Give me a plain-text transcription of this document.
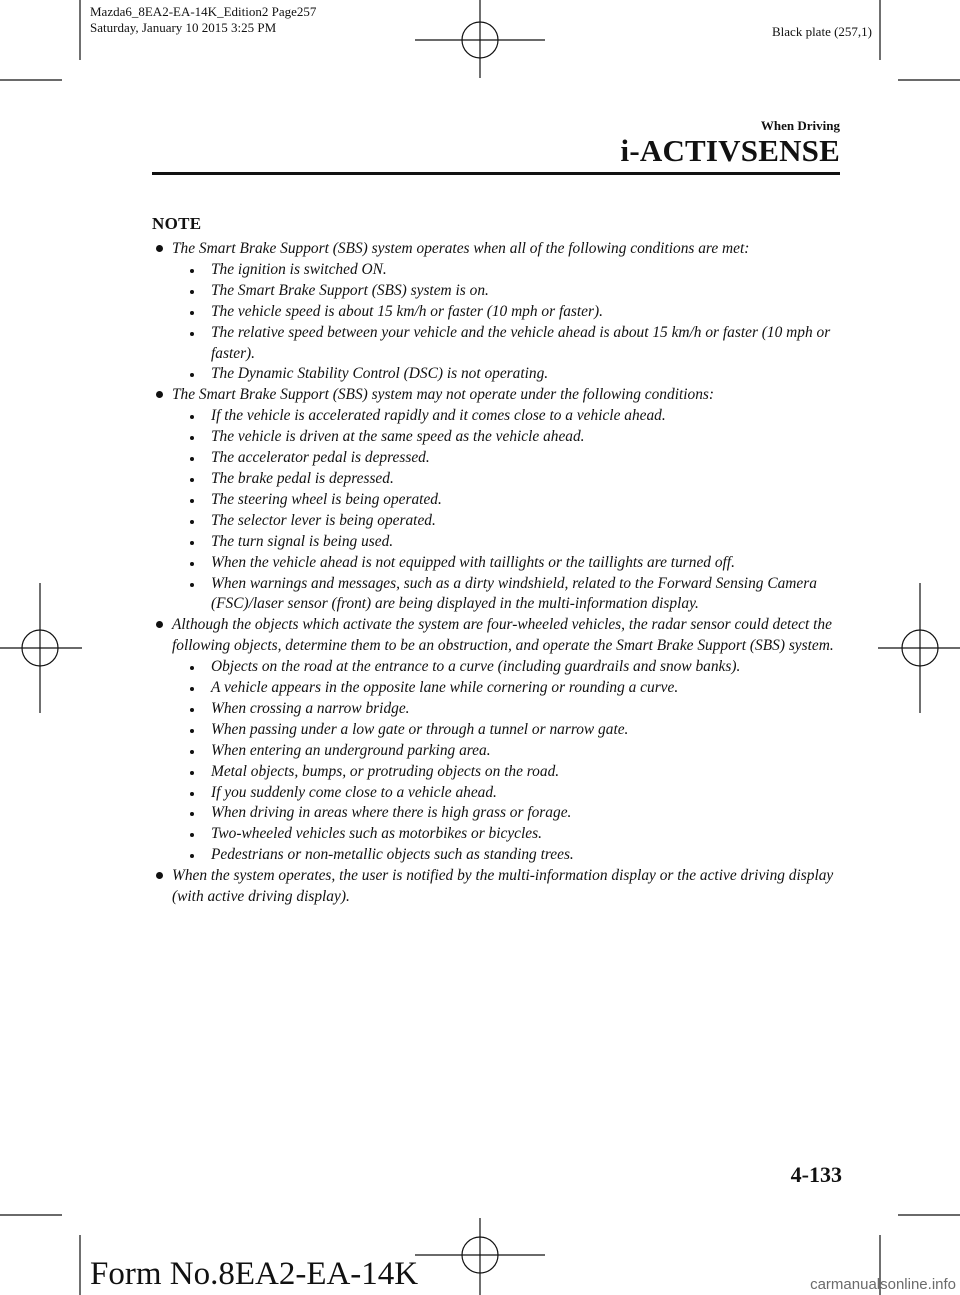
Mazda6_8EA2-EA-14K_Edition2 Page257
Saturday, January 10 2015 3:25 PM	Black plate (257,1)
When Driving
i-ACTIVSENSE
NOTE
The Smart Brake Support (SBS) system operates when all of the following conditions are met:
The ignition is switched ON.
The Smart Brake Support (SBS) system is on.
The vehicle speed is about 15 km/h or faster (10 mph or faster).
The relative speed between your vehicle and the vehicle ahead is about 15 km/h or faster (10 mph or faster).
The Dynamic Stability Control (DSC) is not operating.
The Smart Brake Support (SBS) system may not operate under the following conditions:
If the vehicle is accelerated rapidly and it comes close to a vehicle ahead.
The vehicle is driven at the same speed as the vehicle ahead.
The accelerator pedal is depressed.
The brake pedal is depressed.
The steering wheel is being operated.
The selector lever is being operated.
The turn signal is being used.
When the vehicle ahead is not equipped with taillights or the taillights are turned off.
When warnings and messages, such as a dirty windshield, related to the Forward Sensing Camera (FSC)/laser sensor (front) are being displayed in the multi-information display.
Although the objects which activate the system are four-wheeled vehicles, the radar sensor could detect the following objects, determine them to be an obstruction, and operate the Smart Brake Support (SBS) system.
Objects on the road at the entrance to a curve (including guardrails and snow banks).
A vehicle appears in the opposite lane while cornering or rounding a curve.
When crossing a narrow bridge.
When passing under a low gate or through a tunnel or narrow gate.
When entering an underground parking area.
Metal objects, bumps, or protruding objects on the road.
If you suddenly come close to a vehicle ahead.
When driving in areas where there is high grass or forage.
Two-wheeled vehicles such as motorbikes or bicycles.
Pedestrians or non-metallic objects such as standing trees.
When the system operates, the user is notified by the multi-information display or the active driving display (with active driving display).
4-133
Form No.8EA2-EA-14K	carmanualsonline.info
